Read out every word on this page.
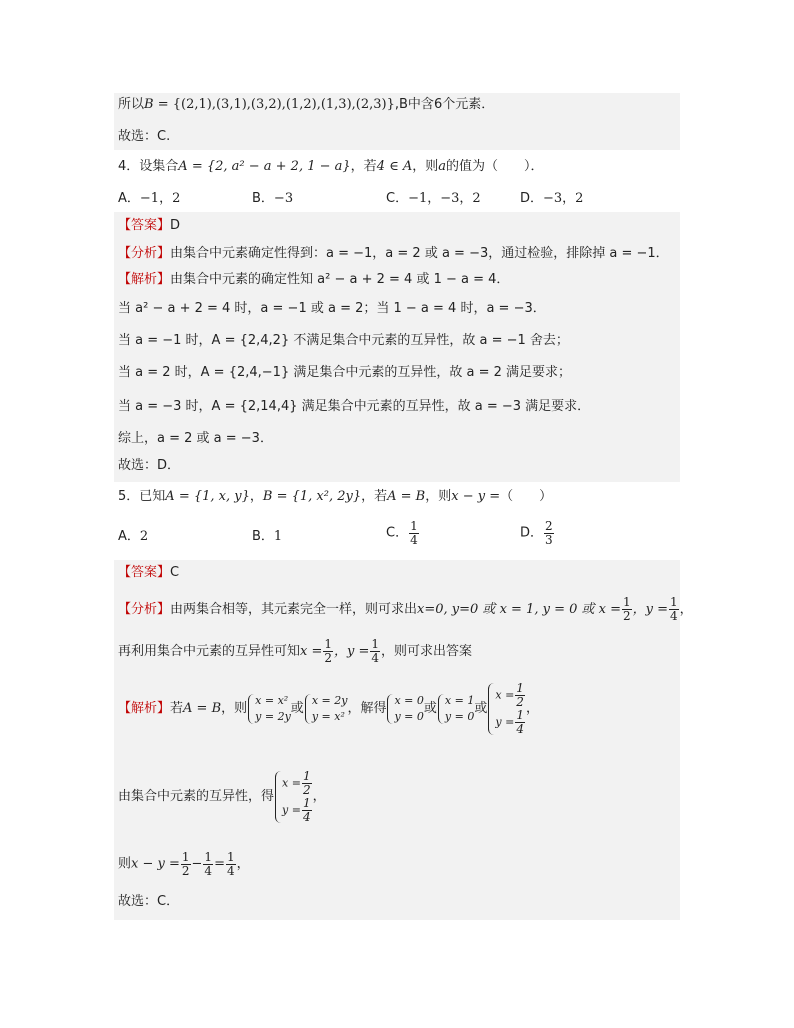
所以B = {(2,1),(3,1),(3,2),(1,2),(1,3),(2,3)},B中含6个元素．
故选：C.
4．设集合A = {2, a² − a + 2, 1 − a}，若4 ∈ A，则a的值为（　　）．
A．−1，2	B．−3	C．−1，−3，2	D．−3，2
【答案】D
【分析】由集合中元素确定性得到：a = −1，a = 2 或 a = −3，通过检验，排除掉 a = −1．
【解析】由集合中元素的确定性知 a² − a + 2 = 4 或 1 − a = 4．
当 a² − a + 2 = 4 时，a = −1 或 a = 2；当 1 − a = 4 时，a = −3．
当 a = −1 时，A = {2,4,2} 不满足集合中元素的互异性，故 a = −1 舍去；
当 a = 2 时，A = {2,4,−1} 满足集合中元素的互异性，故 a = 2 满足要求；
当 a = −3 时，A = {2,14,4} 满足集合中元素的互异性，故 a = −3 满足要求．
综上，a = 2 或 a = −3．
故选：D．
5．已知A = {1, x, y}，B = {1, x², 2y}，若A = B，则x − y =（　　）
A．2	B．1	C． $\frac{1}{4}$	D． $\frac{2}{3}$
【答案】C
【分析】由两集合相等，其元素完全一样，则可求出x=0, y=0 或 x = 1, y = 0 或 $x = \frac{1}{2}$ ，$y = \frac{1}{4}$ ，
再利用集合中元素的互异性可知$x = \frac{1}{2}$ ，$y = \frac{1}{4}$ ，则可求出答案
【解析】若A = B，则
x = x²
y = 2y
或
x = 2y
y = x²
，解得
x = 0
y = 0
或
x = 1
y = 0
或
$x = \frac{1}{2}$
$y = \frac{1}{4}$
，
由集合中元素的互异性，得
$x = \frac{1}{2}$
$y = \frac{1}{4}$
，
则$x - y = \frac{1}{2} - \frac{1}{4} = \frac{1}{4}$ ，
故选：C．
